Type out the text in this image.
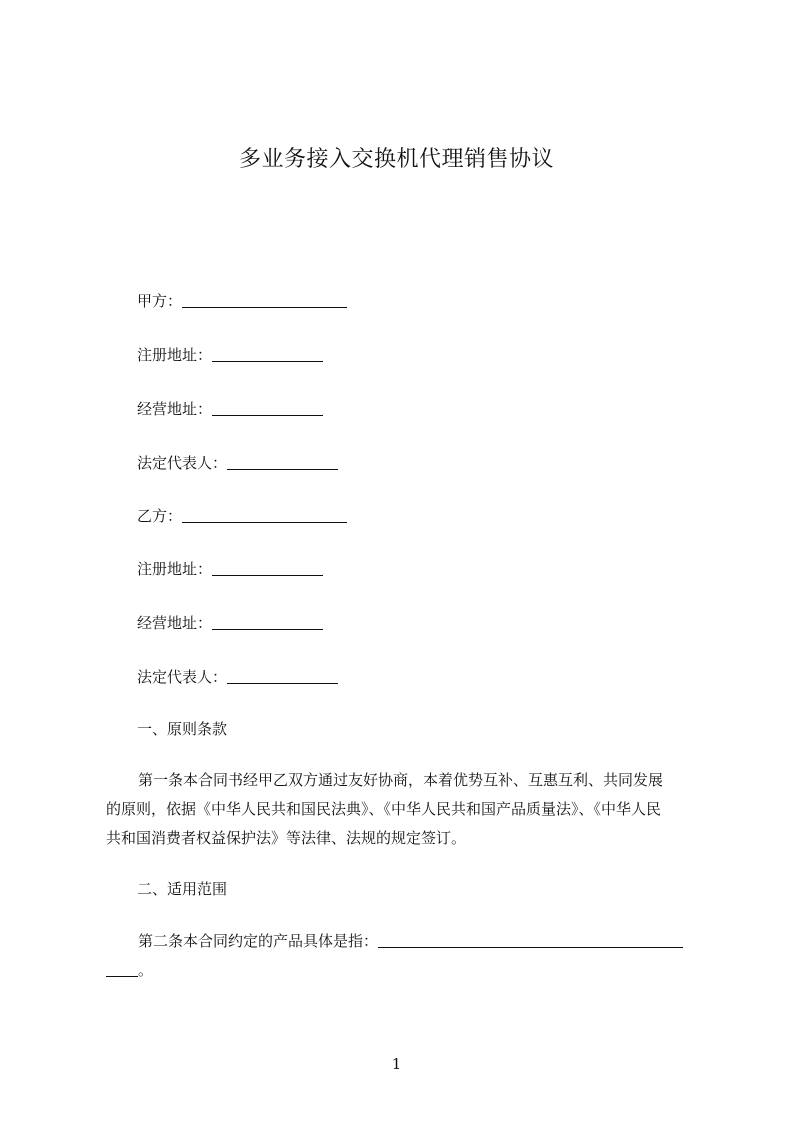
多业务接入交换机代理销售协议
甲方：
注册地址：
经营地址：
法定代表人：
乙方：
注册地址：
经营地址：
法定代表人：
一、原则条款
第一条本合同书经甲乙双方通过友好协商，本着优势互补、互惠互利、共同发展
的原则，依据《中华人民共和国民法典》、《中华人民共和国产品质量法》、《中华人民
共和国消费者权益保护法》等法律、法规的规定签订。
二、适用范围
第二条本合同约定的产品具体是指：
。
1
